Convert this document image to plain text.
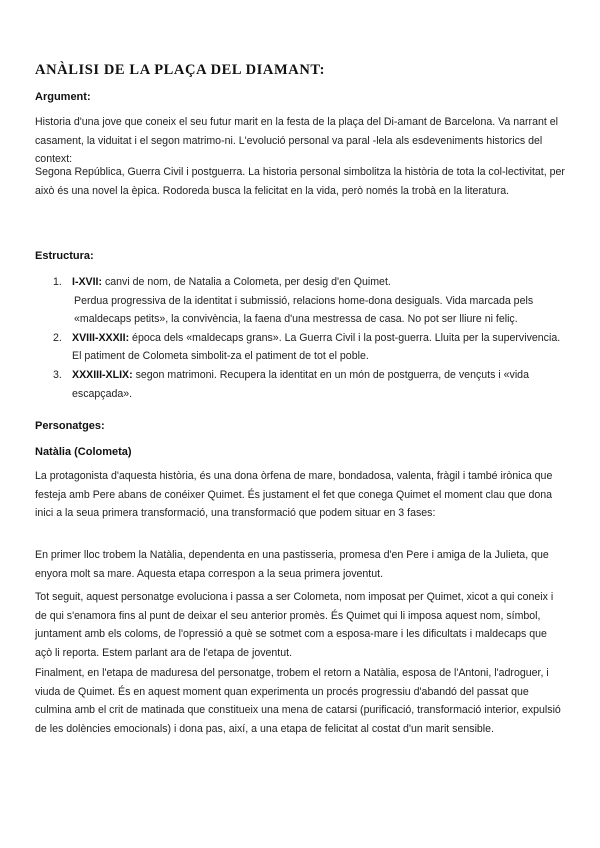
ANÀLISI DE LA PLAÇA DEL DIAMANT:

Argument:

Historia d'una jove que coneix el seu futur marit en la festa de la plaça del Di-amant de Barcelona. Va narrant el casament, la viduitat i el segon matrimo-ni. L'evolució personal va paral -lela als esdeveniments historics del context:

Segona República, Guerra Civil i postguerra. La historia personal simbolitza la història de tota la col-lectivitat, per això és una novel la èpica. Rodoreda busca la felicitat en la vida, però només la trobà en la literatura.

Estructura:

1. I-XVII: canvi de nom, de Natalia a Colometa, per desig d'en Quimet.
Perdua progressiva de la identitat i submissió, relacions home-dona desiguals. Vida marcada pels «maldecaps petits», la convivència, la faena d'una mestressa de casa. No pot ser lliure ni feliç.
2. XVIII-XXXII: época dels «maldecaps grans». La Guerra Civil i la post-guerra. Lluita per la supervivencia. El patiment de Colometa simbolit-za el patiment de tot el poble.
3. XXXIII-XLIX: segon matrimoni. Recupera la identitat en un món de postguerra, de vençuts i «vida escapçada».

Personatges:

Natàlia (Colometa)

La protagonista d'aquesta història, és una dona òrfena de mare, bondadosa, valenta, fràgil i també irònica que festeja amb Pere abans de conéixer Quimet. És justament el fet que conega Quimet el moment clau que dona inici a la seua primera transformació, una transformació que podem situar en 3 fases:

En primer lloc trobem la Natàlia, dependenta en una pastisseria, promesa d'en Pere i amiga de la Julieta, que enyora molt sa mare. Aquesta etapa correspon a la seua primera joventut.

Tot seguit, aquest personatge evoluciona i passa a ser Colometa, nom imposat per Quimet, xicot a qui coneix i de qui s'enamora fins al punt de deixar el seu anterior promès. És Quimet qui li imposa aquest nom, símbol, juntament amb els coloms, de l'opressió a què se sotmet com a esposa-mare i les dificultats i maldecaps que açò li reporta. Estem parlant ara de l'etapa de joventut.

Finalment, en l'etapa de maduresa del personatge, trobem el retorn a Natàlia, esposa de l'Antoni, l'adroguer, i viuda de Quimet. És en aquest moment quan experimenta un procés progressiu d'abandó del passat que culmina amb el crit de matinada que constitueix una mena de catarsi (purificació, transformació interior, expulsió de les dolències emocionals) i dona pas, així, a una etapa de felicitat al costat d'un marit sensible.
